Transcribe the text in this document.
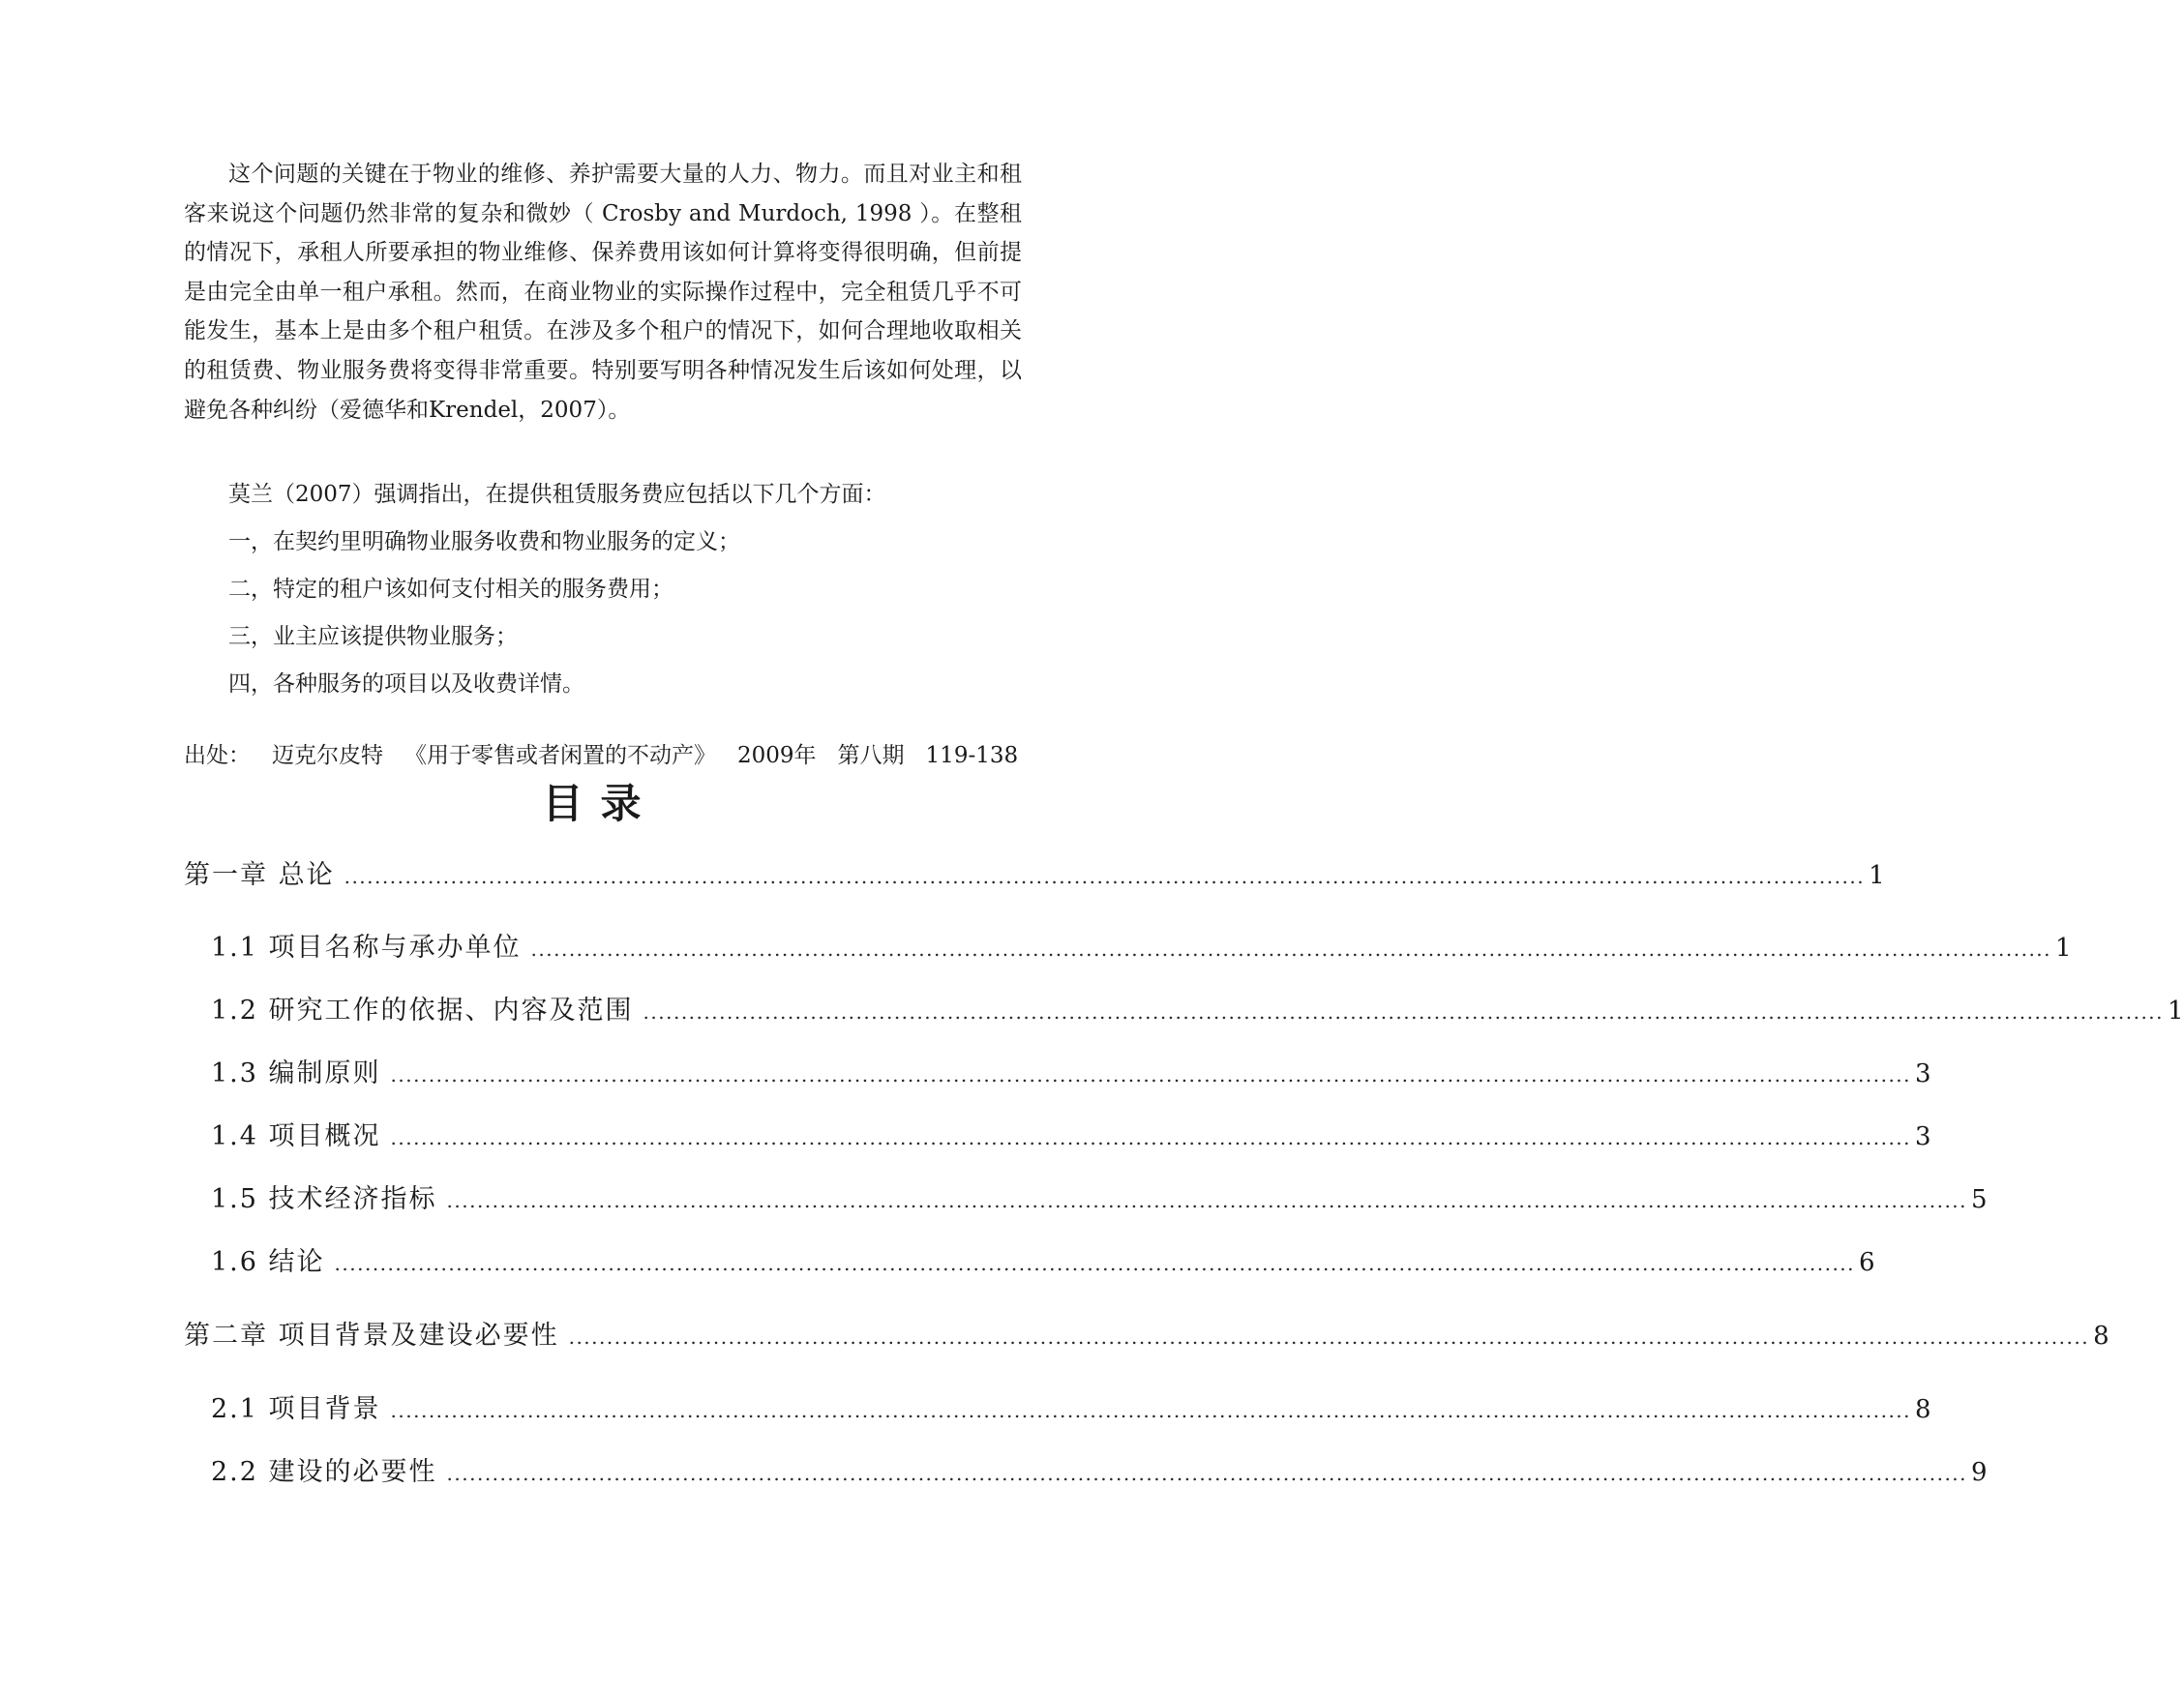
这个问题的关键在于物业的维修、养护需要大量的人力、物力。而且对业主和租客来说这个问题仍然非常的复杂和微妙（ Crosby and Murdoch, 1998 ）。在整租的情况下，承租人所要承担的物业维修、保养费用该如何计算将变得很明确，但前提是由完全由单一租户承租。然而，在商业物业的实际操作过程中，完全租赁几乎不可能发生，基本上是由多个租户租赁。在涉及多个租户的情况下，如何合理地收取相关的租赁费、物业服务费将变得非常重要。特别要写明各种情况发生后该如何处理，以避免各种纠纷（爱德华和Krendel，2007）。

莫兰（2007）强调指出，在提供租赁服务费应包括以下几个方面：

一，在契约里明确物业服务收费和物业服务的定义；

二，特定的租户该如何支付相关的服务费用；

三，业主应该提供物业服务；

四，各种服务的项目以及收费详情。

出处： 迈克尔皮特 《用于零售或者闲置的不动产》 2009年 第八期 119-138

目录
第一章 总论 ........................................................................................................................................................................................................ 1
1.1 项目名称与承办单位 ........................................................................................................................................................................................................ 1
1.2 研究工作的依据、内容及范围 ........................................................................................................................................................................................................ 1
1.3 编制原则 ........................................................................................................................................................................................................ 3
1.4 项目概况 ........................................................................................................................................................................................................ 3
1.5 技术经济指标 ........................................................................................................................................................................................................ 5
1.6 结论 ........................................................................................................................................................................................................ 6
第二章 项目背景及建设必要性 ........................................................................................................................................................................................................ 8
2.1 项目背景 ........................................................................................................................................................................................................ 8
2.2 建设的必要性 ........................................................................................................................................................................................................ 9
